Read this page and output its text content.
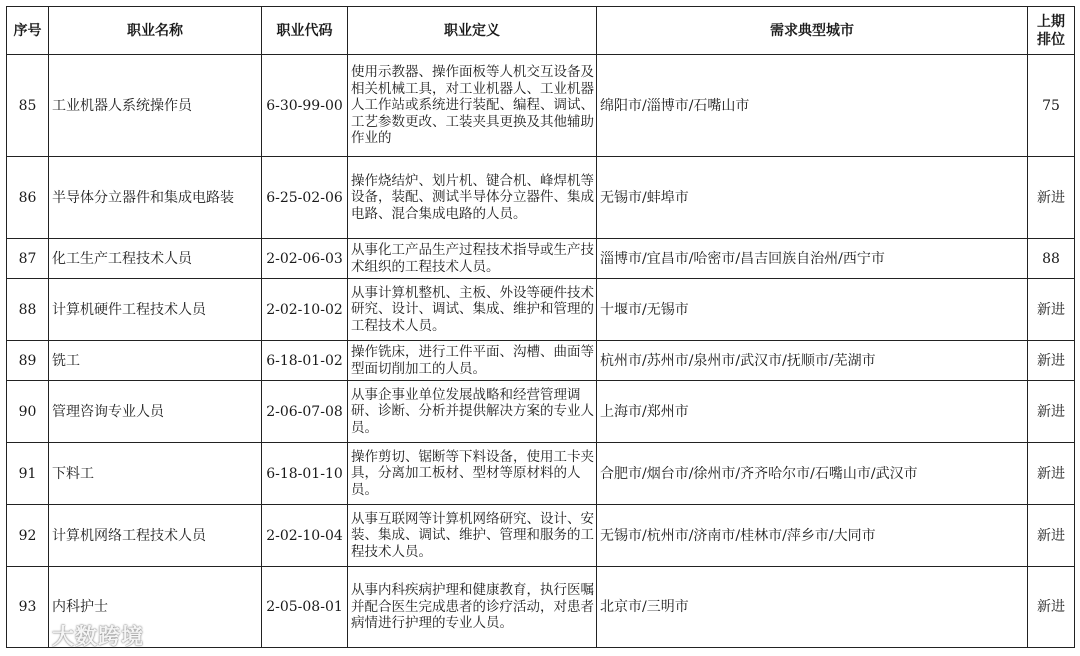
序号	职业名称	职业代码	职业定义	需求典型城市	上期排位
85	工业机器人系统操作员	6-30-99-00	使用示教器、操作面板等人机交互设备及相关机械工具，对工业机器人、工业机器人工作站或系统进行装配、编程、调试、工艺参数更改、工装夹具更换及其他辅助作业的	绵阳市/淄博市/石嘴山市	75
86	半导体分立器件和集成电路装	6-25-02-06	操作烧结炉、划片机、键合机、峰焊机等设备，装配、测试半导体分立器件、集成电路、混合集成电路的人员。	无锡市/蚌埠市	新进
87	化工生产工程技术人员	2-02-06-03	从事化工产品生产过程技术指导或生产技术组织的工程技术人员。	淄博市/宜昌市/哈密市/昌吉回族自治州/西宁市	88
88	计算机硬件工程技术人员	2-02-10-02	从事计算机整机、主板、外设等硬件技术研究、设计、调试、集成、维护和管理的工程技术人员。	十堰市/无锡市	新进
89	铣工	6-18-01-02	操作铣床，进行工件平面、沟槽、曲面等型面切削加工的人员。	杭州市/苏州市/泉州市/武汉市/抚顺市/芜湖市	新进
90	管理咨询专业人员	2-06-07-08	从事企事业单位发展战略和经营管理调研、诊断、分析并提供解决方案的专业人员。	上海市/郑州市	新进
91	下料工	6-18-01-10	操作剪切、锯断等下料设备，使用工卡夹具，分离加工板材、型材等原材料的人员。	合肥市/烟台市/徐州市/齐齐哈尔市/石嘴山市/武汉市	新进
92	计算机网络工程技术人员	2-02-10-04	从事互联网等计算机网络研究、设计、安装、集成、调试、维护、管理和服务的工程技术人员。	无锡市/杭州市/济南市/桂林市/萍乡市/大同市	新进
93	内科护士	2-05-08-01	从事内科疾病护理和健康教育，执行医嘱并配合医生完成患者的诊疗活动，对患者病情进行护理的专业人员。	北京市/三明市	新进
大数跨境
